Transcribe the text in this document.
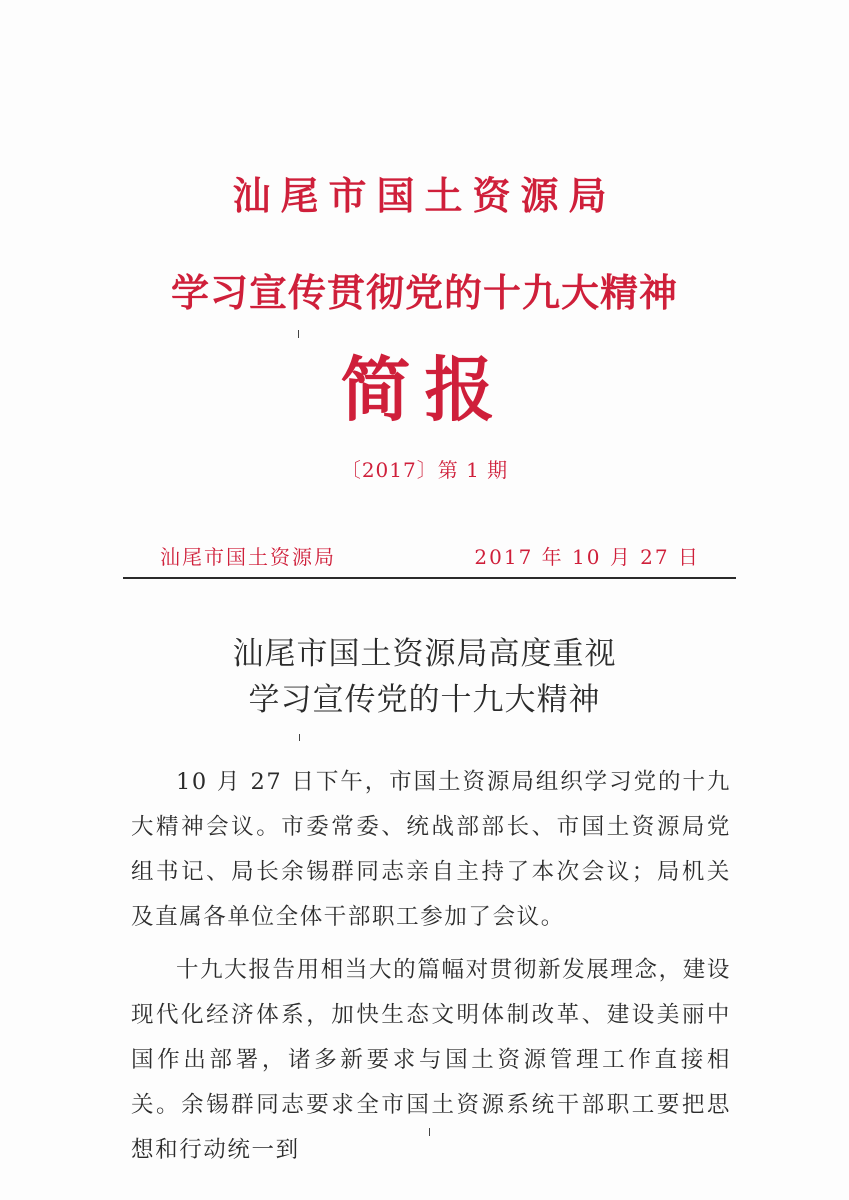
汕尾市国土资源局
学习宣传贯彻党的十九大精神
简报
〔2017〕第 1 期
汕尾市国土资源局	2017 年 10 月 27 日
汕尾市国土资源局高度重视
学习宣传党的十九大精神

10 月 27 日下午，市国土资源局组织学习党的十九大精神会议。市委常委、统战部部长、市国土资源局党组书记、局长余锡群同志亲自主持了本次会议；局机关及直属各单位全体干部职工参加了会议。

十九大报告用相当大的篇幅对贯彻新发展理念，建设现代化经济体系，加快生态文明体制改革、建设美丽中国作出部署，诸多新要求与国土资源管理工作直接相关。余锡群同志要求全市国土资源系统干部职工要把思想和行动统一到
